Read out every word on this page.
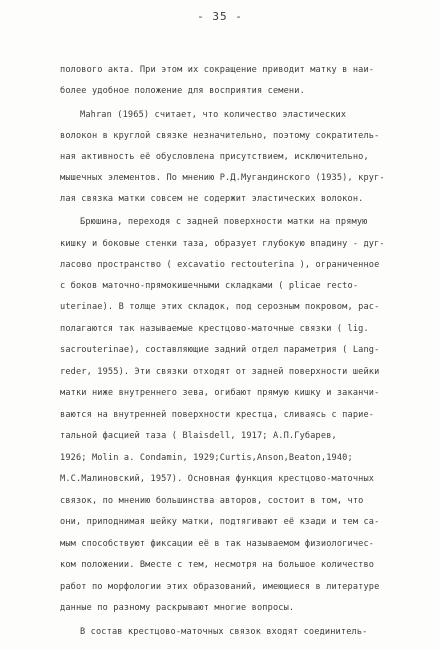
- 35 -
полового акта. При этом их сокращение приводит матку в наи-
более удобное положение для восприятия семени.
Mahran (1965) считает, что количество эластических
волокон в круглой связке незначительно, поэтому сократитель-
ная активность её обусловлена присутствием, исключительно,
мышечных элементов. По мнению Р.Д.Мугандинского (1935), круг-
лая связка матки совсем не содержит эластических волокон.
Брюшина, переходя с задней поверхности матки на прямую
кишку и боковые стенки таза, образует глубокую впадину - дуг-
ласово пространство ( excavatio rectouterina ), ограниченное
с боков маточно-прямокишечными складками ( plicae recto-
uterinae). В толще этих складок, под серозным покровом, рас-
полагаются так называемые крестцово-маточные связки ( lig.
sacrouterinae), составляющие задний отдел параметрия ( Lang-
reder, 1955). Эти связки отходят от задней поверхности шейки
матки ниже внутреннего зева, огибают прямую кишку и заканчи-
ваются на внутренней поверхности крестца, сливаясь с парие-
тальной фасцией таза ( Blaisdell, 1917; А.П.Губарев,
1926; Molin a. Condamin, 1929;Curtis,Anson,Beaton,1940;
М.С.Малиновский, 1957). Основная функция крестцово-маточных
связок, по мнению большинства авторов, состоит в том, что
они, приподнимая шейку матки, подтягивают её кзади и тем са-
мым способствуют фиксации её в так называемом физиологичес-
ком положении. Вместе с тем, несмотря на большое количество
работ по морфологии этих образований, имеющиеся в литературе
данные по разному раскрывают многие вопросы.
В состав крестцово-маточных связок входят соединитель-
